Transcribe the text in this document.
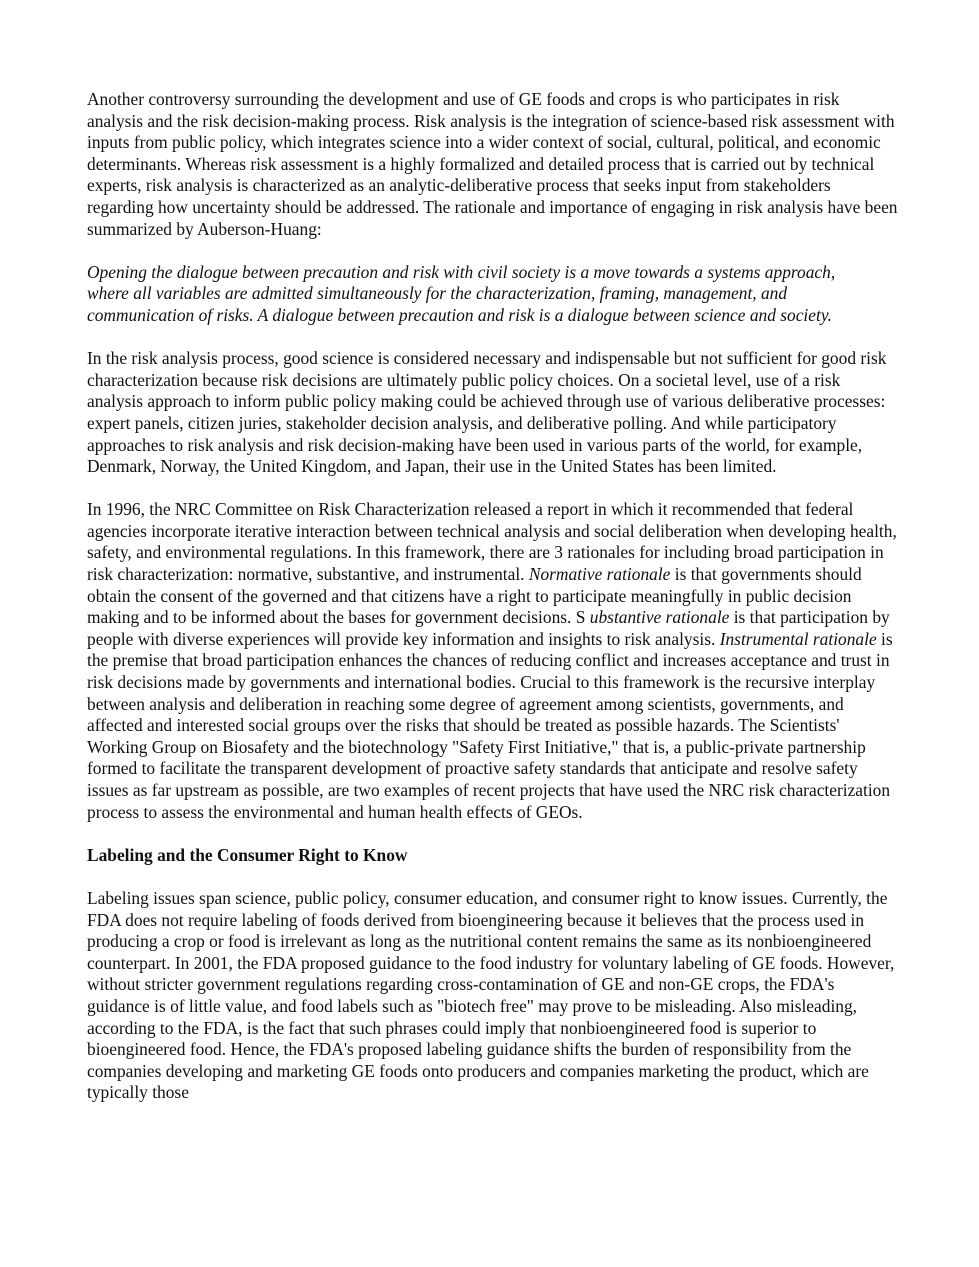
Another controversy surrounding the development and use of GE foods and crops is who participates in risk analysis and the risk decision-making process. Risk analysis is the integration of science-based risk assessment with inputs from public policy, which integrates science into a wider context of social, cultural, political, and economic determinants. Whereas risk assessment is a highly formalized and detailed process that is carried out by technical experts, risk analysis is characterized as an analytic-deliberative process that seeks input from stakeholders regarding how uncertainty should be addressed. The rationale and importance of engaging in risk analysis have been summarized by Auberson-Huang:

Opening the dialogue between precaution and risk with civil society is a move towards a systems approach, where all variables are admitted simultaneously for the characterization, framing, management, and communication of risks. A dialogue between precaution and risk is a dialogue between science and society.

In the risk analysis process, good science is considered necessary and indispensable but not sufficient for good risk characterization because risk decisions are ultimately public policy choices. On a societal level, use of a risk analysis approach to inform public policy making could be achieved through use of various deliberative processes: expert panels, citizen juries, stakeholder decision analysis, and deliberative polling. And while participatory approaches to risk analysis and risk decision-making have been used in various parts of the world, for example, Denmark, Norway, the United Kingdom, and Japan, their use in the United States has been limited.

In 1996, the NRC Committee on Risk Characterization released a report in which it recommended that federal agencies incorporate iterative interaction between technical analysis and social deliberation when developing health, safety, and environmental regulations. In this framework, there are 3 rationales for including broad participation in risk characterization: normative, substantive, and instrumental. Normative rationale is that governments should obtain the consent of the governed and that citizens have a right to participate meaningfully in public decision making and to be informed about the bases for government decisions. S ubstantive rationale is that participation by people with diverse experiences will provide key information and insights to risk analysis. Instrumental rationale is the premise that broad participation enhances the chances of reducing conflict and increases acceptance and trust in risk decisions made by governments and international bodies. Crucial to this framework is the recursive interplay between analysis and deliberation in reaching some degree of agreement among scientists, governments, and affected and interested social groups over the risks that should be treated as possible hazards. The Scientists' Working Group on Biosafety and the biotechnology "Safety First Initiative," that is, a public-private partnership formed to facilitate the transparent development of proactive safety standards that anticipate and resolve safety issues as far upstream as possible, are two examples of recent projects that have used the NRC risk characterization process to assess the environmental and human health effects of GEOs.

Labeling and the Consumer Right to Know

Labeling issues span science, public policy, consumer education, and consumer right to know issues. Currently, the FDA does not require labeling of foods derived from bioengineering because it believes that the process used in producing a crop or food is irrelevant as long as the nutritional content remains the same as its nonbioengineered counterpart. In 2001, the FDA proposed guidance to the food industry for voluntary labeling of GE foods. However, without stricter government regulations regarding cross-contamination of GE and non-GE crops, the FDA's guidance is of little value, and food labels such as "biotech free" may prove to be misleading. Also misleading, according to the FDA, is the fact that such phrases could imply that nonbioengineered food is superior to bioengineered food. Hence, the FDA's proposed labeling guidance shifts the burden of responsibility from the companies developing and marketing GE foods onto producers and companies marketing the product, which are typically those
